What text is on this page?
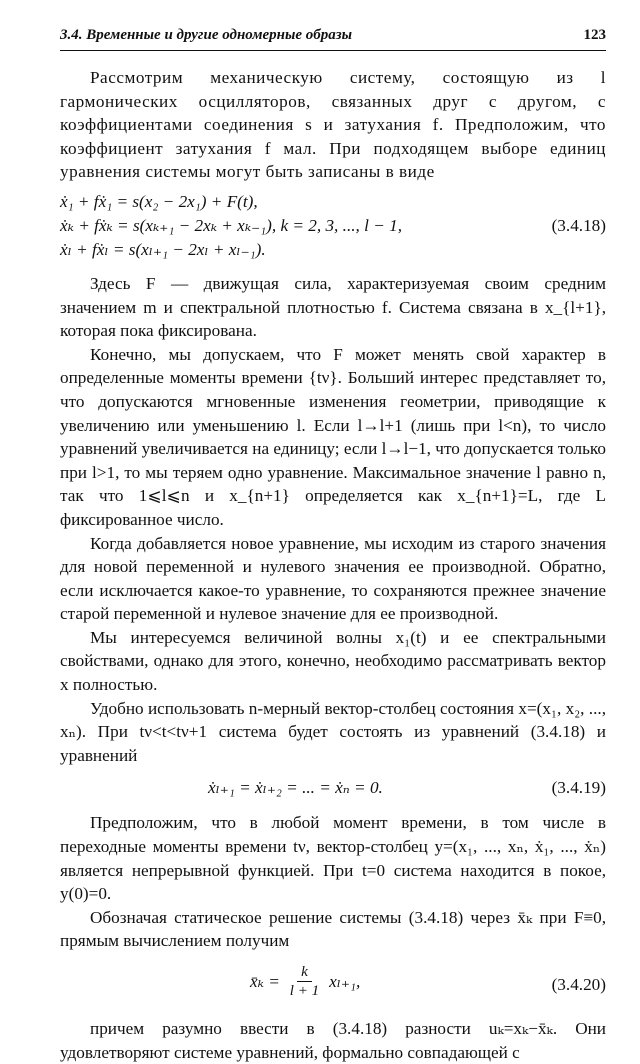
3.4. Временные и другие одномерные образы	123

Рассмотрим механическую систему, состоящую из l гармонических осцилляторов, связанных друг с другом, с коэффициентами соединения s и затухания f. Предположим, что коэффициент затухания f мал. При подходящем выборе единиц уравнения системы могут быть записаны в виде

ẋ₁ + fẋ₁ = s(x₂ − 2x₁) + F(t),
ẋₖ + fẋₖ = s(xₖ₊₁ − 2xₖ + xₖ₋₁), k = 2, 3, ..., l − 1,
ẋₗ + fẋₗ = s(xₗ₊₁ − 2xₗ + xₗ₋₁).
(3.4.18)

Здесь F — движущая сила, характеризуемая своим средним значением m и спектральной плотностью f. Система связана в x_{l+1}, которая пока фиксирована.

Конечно, мы допускаем, что F может менять свой характер в определенные моменты времени {tν}. Больший интерес представляет то, что допускаются мгновенные изменения геометрии, приводящие к увеличению или уменьшению l. Если l→l+1 (лишь при l<n), то число уравнений увеличивается на единицу; если l→l−1, что допускается только при l>1, то мы теряем одно уравнение. Максимальное значение l равно n, так что 1⩽l⩽n и x_{n+1} определяется как x_{n+1}=L, где L фиксированное число.

Когда добавляется новое уравнение, мы исходим из старого значения для новой переменной и нулевого значения ее производной. Обратно, если исключается какое-то уравнение, то сохраняются прежнее значение старой переменной и нулевое значение для ее производной.

Мы интересуемся величиной волны x₁(t) и ее спектральными свойствами, однако для этого, конечно, необходимо рассматривать вектор x полностью.

Удобно использовать n-мерный вектор-столбец состояния x=(x₁, x₂, ..., xₙ). При tν<t<tν+1 система будет состоять из уравнений (3.4.18) и уравнений

ẋₗ₊₁ = ẋₗ₊₂ = ... = ẋₙ = 0.	(3.4.19)

Предположим, что в любой момент времени, в том числе в переходные моменты времени tν, вектор-столбец y=(x₁, ..., xₙ, ẋ₁, ..., ẋₙ) является непрерывной функцией. При t=0 система находится в покое, y(0)=0.

Обозначая статическое решение системы (3.4.18) через x̄ₖ при F≡0, прямым вычислением получим

x̄ₖ = $\frac{k}{l + 1} x_{l+1}$,	(3.4.20)

причем разумно ввести в (3.4.18) разности uₖ=xₖ−x̄ₖ. Они удовлетворяют системе уравнений, формально совпадающей с
